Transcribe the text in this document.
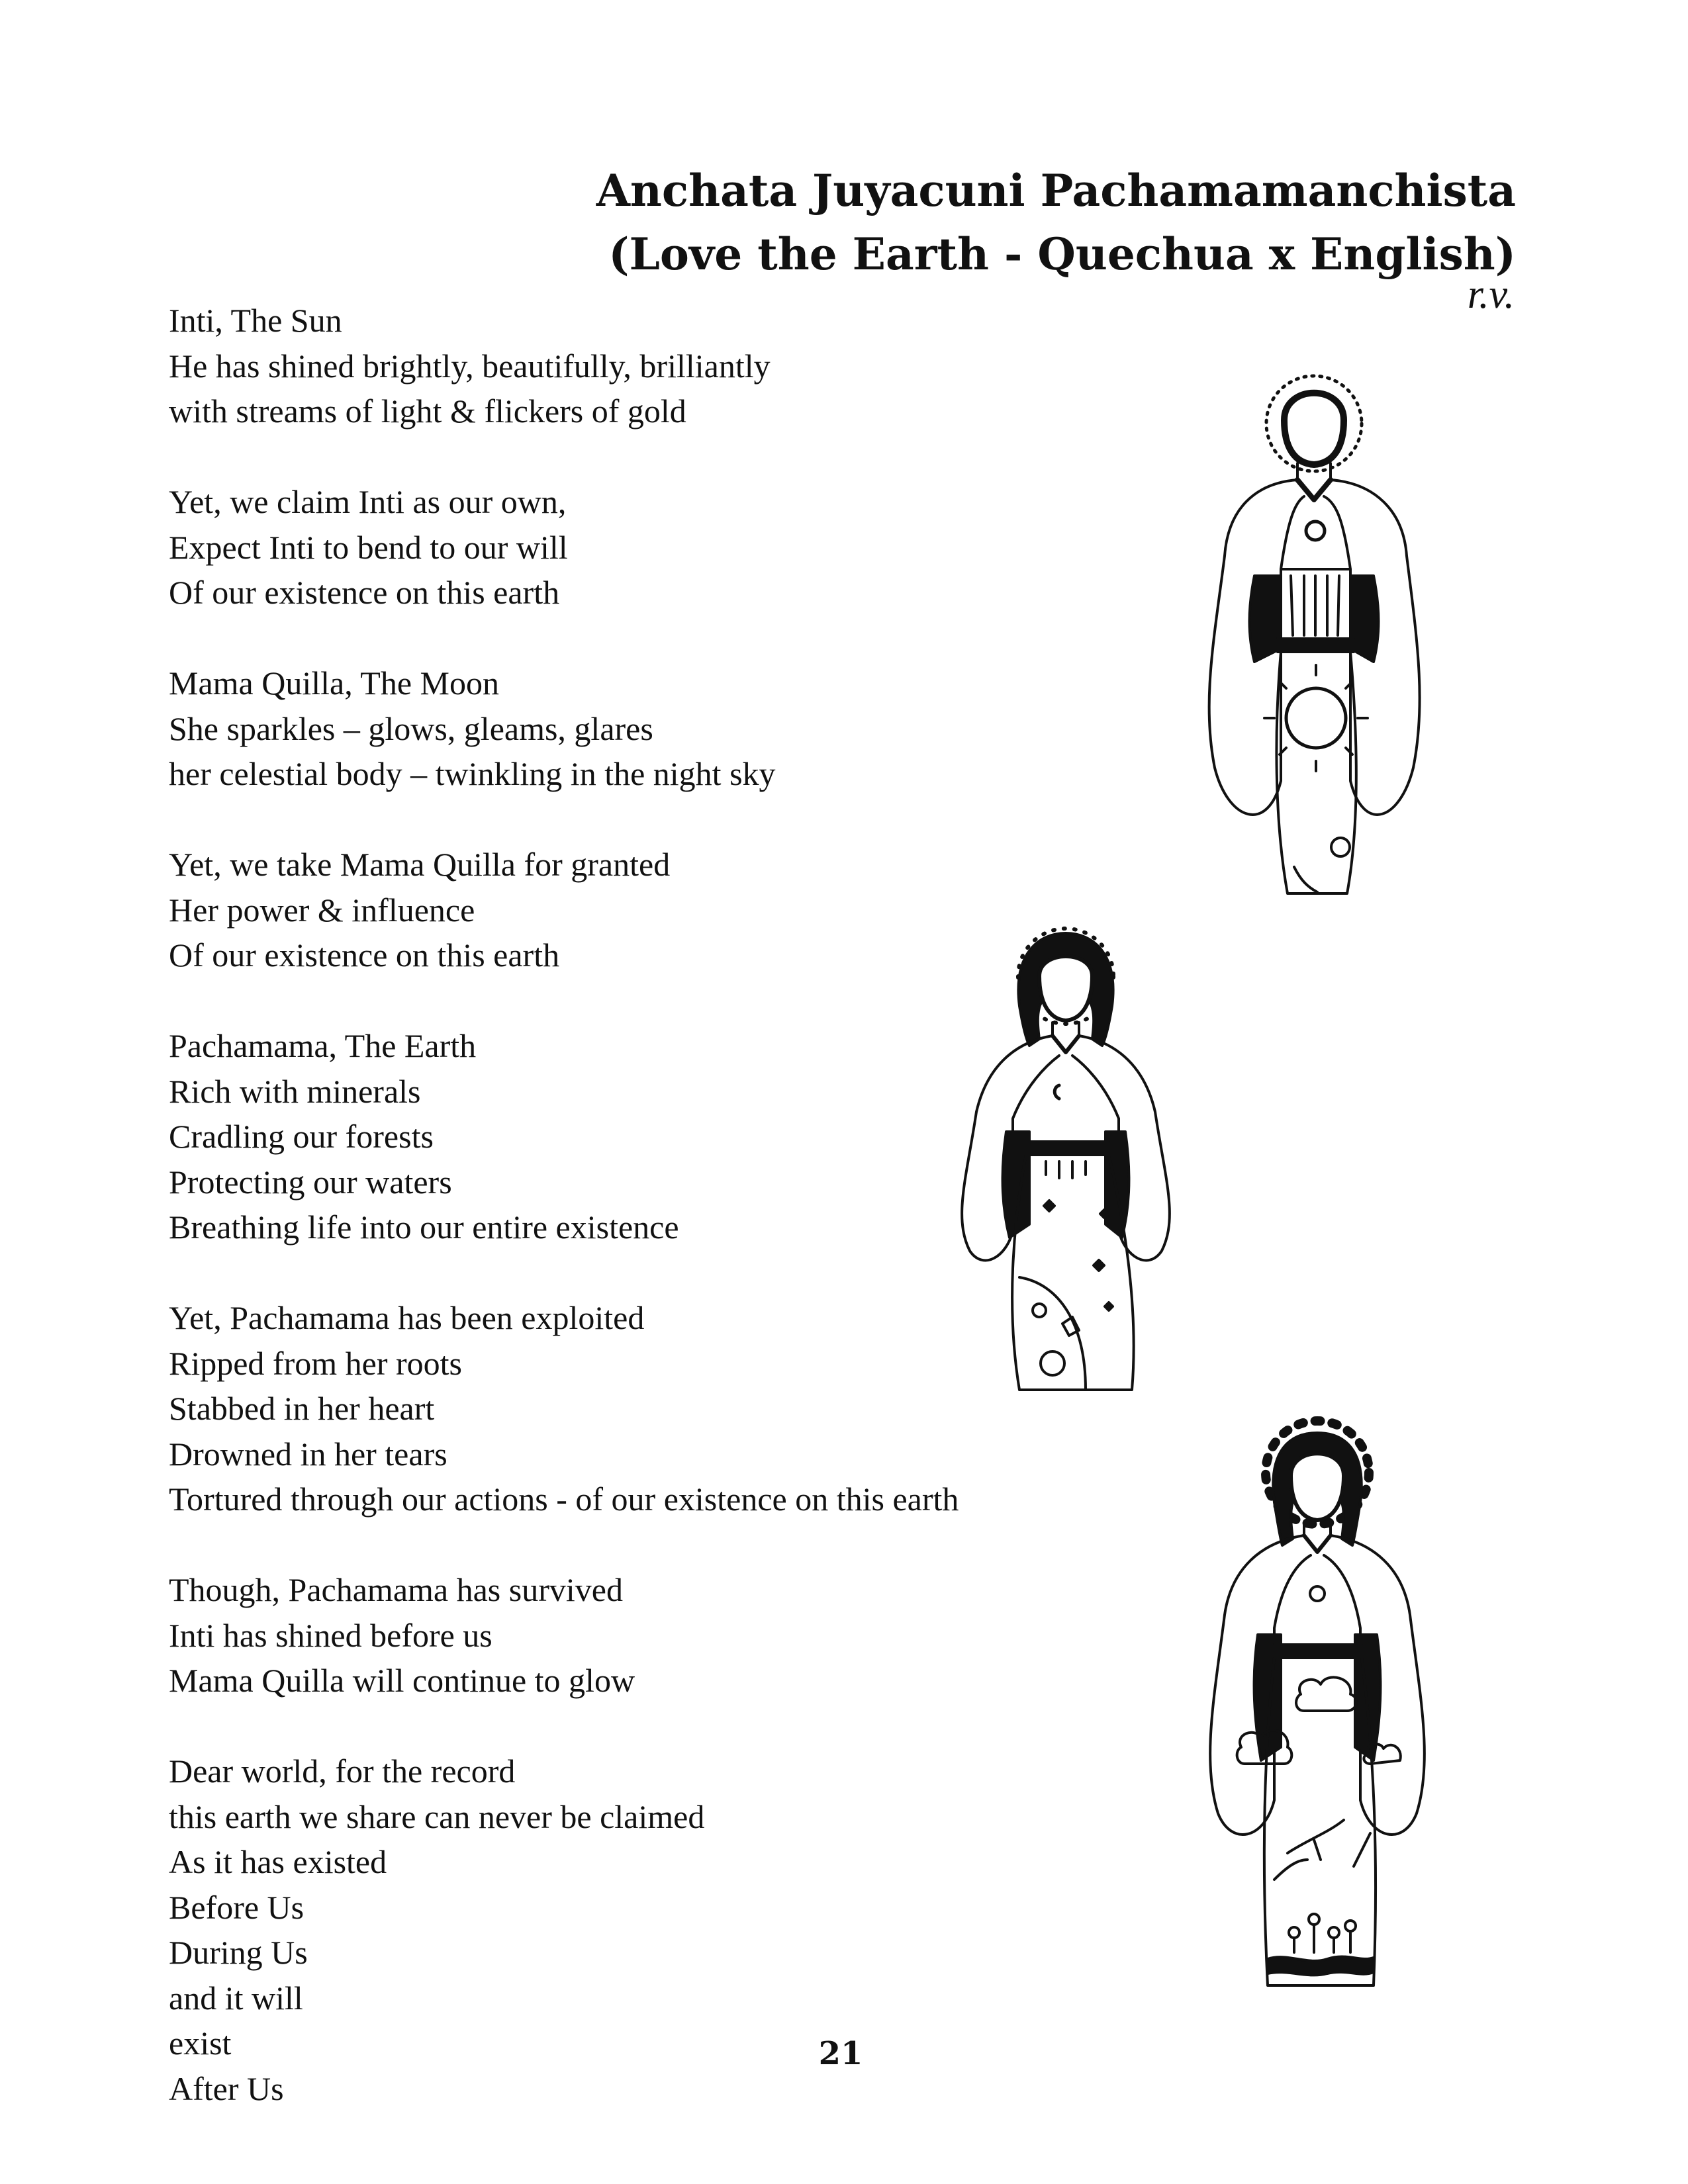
Anchata Juyacuni Pachamamanchista
(Love the Earth - Quechua x English)
r.v.
Inti, The Sun
He has shined brightly, beautifully, brilliantly
with streams of light & flickers of gold
Yet, we claim Inti as our own,
Expect Inti to bend to our will
Of our existence on this earth
Mama Quilla, The Moon
She sparkles – glows, gleams, glares
her celestial body – twinkling in the night sky
Yet, we take Mama Quilla for granted
Her power & influence
Of our existence on this earth
Pachamama, The Earth
Rich with minerals
Cradling our forests
Protecting our waters
Breathing life into our entire existence
Yet, Pachamama has been exploited
Ripped from her roots
Stabbed in her heart
Drowned in her tears
Tortured through our actions - of our existence on this earth
Though, Pachamama has survived
Inti has shined before us
Mama Quilla will continue to glow
Dear world, for the record
this earth we share can never be claimed
As it has existed
Before Us
During Us
and it will
exist
After Us
21
